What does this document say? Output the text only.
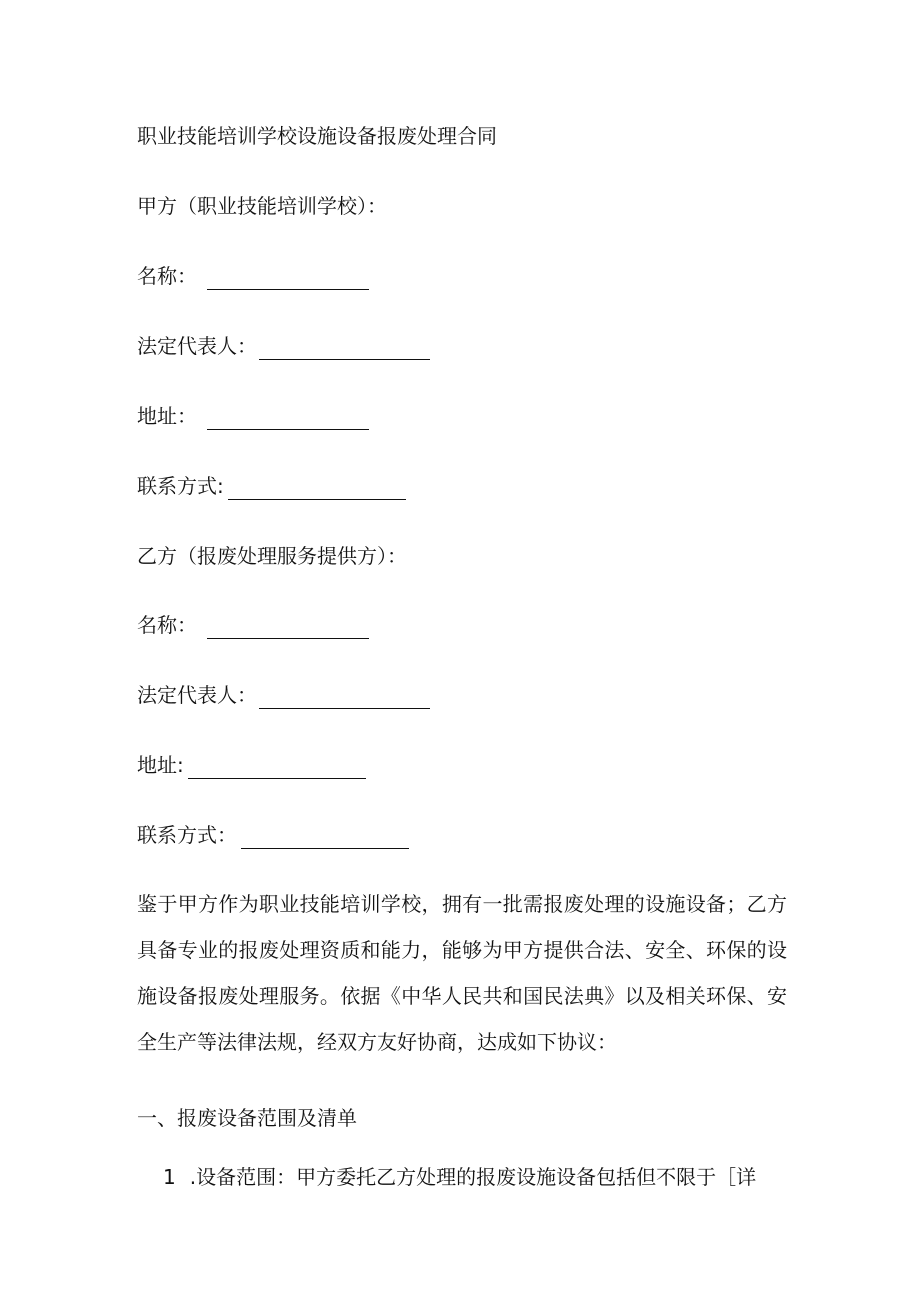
职业技能培训学校设施设备报废处理合同
甲方（职业技能培训学校）：
名称：
法定代表人：
地址：
联系方式:
乙方（报废处理服务提供方）：
名称：
法定代表人：
地址:
联系方式：
鉴于甲方作为职业技能培训学校，拥有一批需报废处理的设施设备；乙方
具备专业的报废处理资质和能力，能够为甲方提供合法、安全、环保的设
施设备报废处理服务。依据《中华人民共和国民法典》以及相关环保、安
全生产等法律法规，经双方友好协商，达成如下协议：
一、报废设备范围及清单
1 .设备范围：甲方委托乙方处理的报废设施设备包括但不限于［详
